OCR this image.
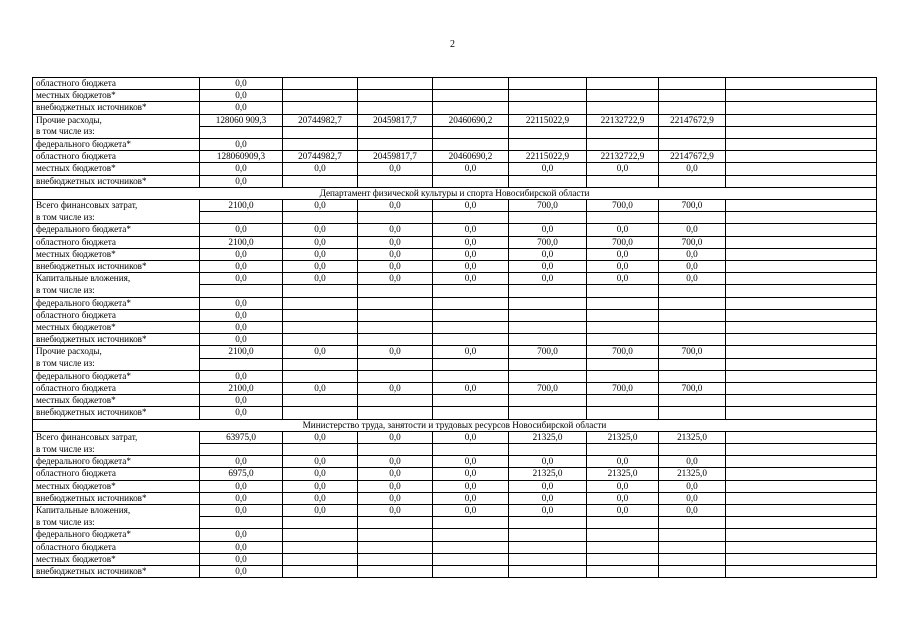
2
областного бюджета	0,0							
местных бюджетов*	0,0							
внебюджетных источников*	0,0							
Прочие расходы,	128060 909,3	20744982,7	20459817,7	20460690,2	22115022,9	22132722,9	22147672,9	
в том числе из:								
федерального бюджета*	0,0							
областного бюджета	128060909,3	20744982,7	20459817,7	20460690,2	22115022,9	22132722,9	22147672,9	
местных бюджетов*	0,0	0,0	0,0	0,0	0,0	0,0	0,0	
внебюджетных источников*	0,0							
Департамент физической культуры и спорта Новосибирской области								
Всего финансовых затрат,	2100,0	0,0	0,0	0,0	700,0	700,0	700,0	
в том числе из:								
федерального бюджета*	0,0	0,0	0,0	0,0	0,0	0,0	0,0	
областного бюджета	2100,0	0,0	0,0	0,0	700,0	700,0	700,0	
местных бюджетов*	0,0	0,0	0,0	0,0	0,0	0,0	0,0	
внебюджетных источников*	0,0	0,0	0,0	0,0	0,0	0,0	0,0	
Капитальные вложения,	0,0	0,0	0,0	0,0	0,0	0,0	0,0	
в том числе из:								
федерального бюджета*	0,0							
областного бюджета	0,0							
местных бюджетов*	0,0							
внебюджетных источников*	0,0							
Прочие расходы,	2100,0	0,0	0,0	0,0	700,0	700,0	700,0	
в том числе из:								
федерального бюджета*	0,0							
областного бюджета	2100,0	0,0	0,0	0,0	700,0	700,0	700,0	
местных бюджетов*	0,0							
внебюджетных источников*	0,0							
Министерство труда, занятости и трудовых ресурсов Новосибирской области								
Всего финансовых затрат,	63975,0	0,0	0,0	0,0	21325,0	21325,0	21325,0	
в том числе из:								
федерального бюджета*	0,0	0,0	0,0	0,0	0,0	0,0	0,0	
областного бюджета	6975,0	0,0	0,0	0,0	21325,0	21325,0	21325,0	
местных бюджетов*	0,0	0,0	0,0	0,0	0,0	0,0	0,0	
внебюджетных источников*	0,0	0,0	0,0	0,0	0,0	0,0	0,0	
Капитальные вложения,	0,0	0,0	0,0	0,0	0,0	0,0	0,0	
в том числе из:								
федерального бюджета*	0,0							
областного бюджета	0,0							
местных бюджетов*	0,0							
внебюджетных источников*	0,0							
